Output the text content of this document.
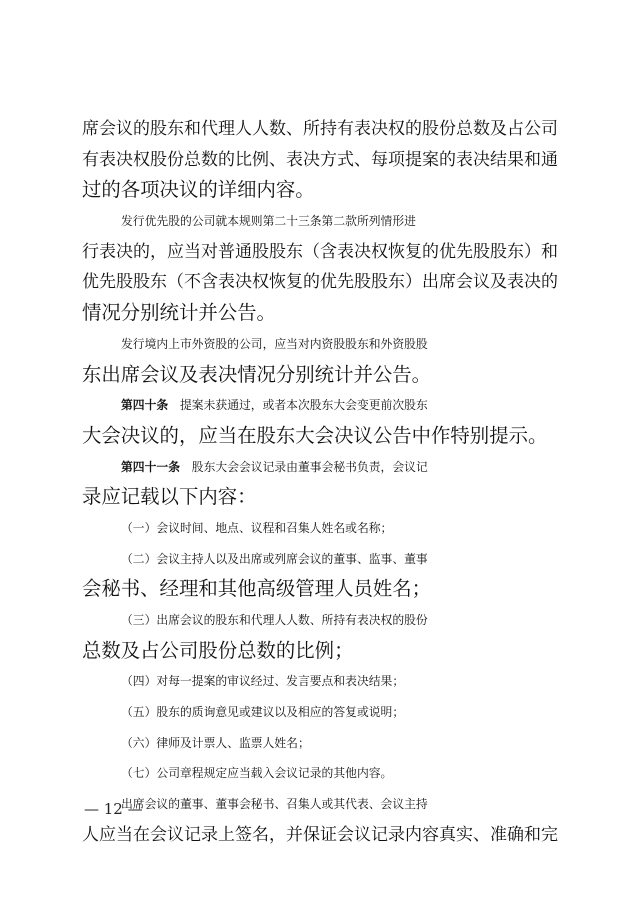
席会议的股东和代理人人数、所持有表决权的股份总数及占公司
有表决权股份总数的比例、表决方式、每项提案的表决结果和通
过的各项决议的详细内容。
发行优先股的公司就本规则第二十三条第二款所列情形进
行表决的，应当对普通股股东（含表决权恢复的优先股股东）和
优先股股东（不含表决权恢复的优先股股东）出席会议及表决的
情况分别统计并公告。
发行境内上市外资股的公司，应当对内资股股东和外资股股
东出席会议及表决情况分别统计并公告。
第四十条　提案未获通过，或者本次股东大会变更前次股东
大会决议的，应当在股东大会决议公告中作特别提示。
第四十一条　股东大会会议记录由董事会秘书负责，会议记
录应记载以下内容：
（一）会议时间、地点、议程和召集人姓名或名称；
（二）会议主持人以及出席或列席会议的董事、监事、董事
会秘书、经理和其他高级管理人员姓名；
（三）出席会议的股东和代理人人数、所持有表决权的股份
总数及占公司股份总数的比例；
（四）对每一提案的审议经过、发言要点和表决结果；
（五）股东的质询意见或建议以及相应的答复或说明；
（六）律师及计票人、监票人姓名；
（七）公司章程规定应当载入会议记录的其他内容。
出席会议的董事、董事会秘书、召集人或其代表、会议主持
人应当在会议记录上签名，并保证会议记录内容真实、准确和完
— 12 —
